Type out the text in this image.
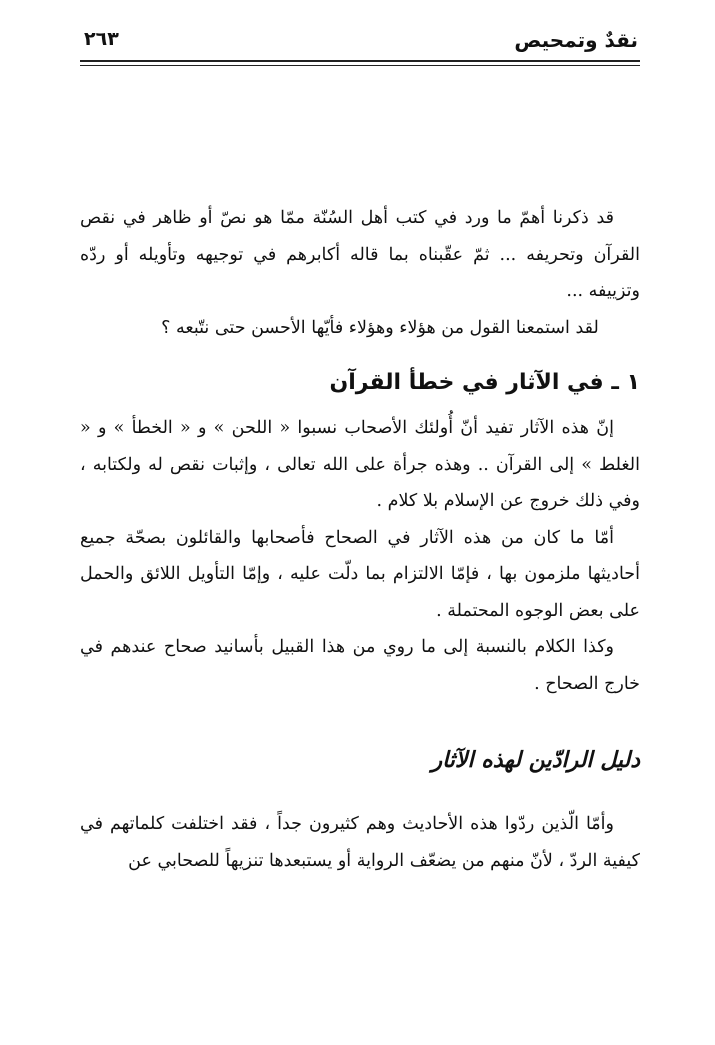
نقدٌ وتمحيص
٢٦٣

قد ذكرنا أهمّ ما ورد في كتب أهل السُنّة ممّا هو نصّ أو ظاهر في نقص القرآن وتحريفه ... ثمّ عقّبناه بما قاله أكابرهم في توجيهه وتأويله أو ردّه وتزييفه ...

لقد استمعنا القول من هؤلاء وهؤلاء فأيّها الأحسن حتى نتّبعه ؟

١ ـ في الآثار في خطأ القرآن

إنّ هذه الآثار تفيد أنّ أُولئك الأصحاب نسبوا « اللحن » و « الخطأ » و « الغلط » إلى القرآن .. وهذه جرأة على الله تعالى ، وإثبات نقص له ولكتابه ، وفي ذلك خروج عن الإسلام بلا كلام .

أمّا ما كان من هذه الآثار في الصحاح فأصحابها والقائلون بصحّة جميع أحاديثها ملزمون بها ، فإمّا الالتزام بما دلّت عليه ، وإمّا التأويل اللائق والحمل على بعض الوجوه المحتملة .

وكذا الكلام بالنسبة إلى ما روي من هذا القبيل بأسانيد صحاح عندهم في خارج الصحاح .

دليل الرادّين لهذه الآثار

وأمّا الّذين ردّوا هذه الأحاديث وهم كثيرون جداً ، فقد اختلفت كلماتهم في كيفية الردّ ، لأنّ منهم من يضعّف الرواية أو يستبعدها تنزيهاً للصحابي عن
